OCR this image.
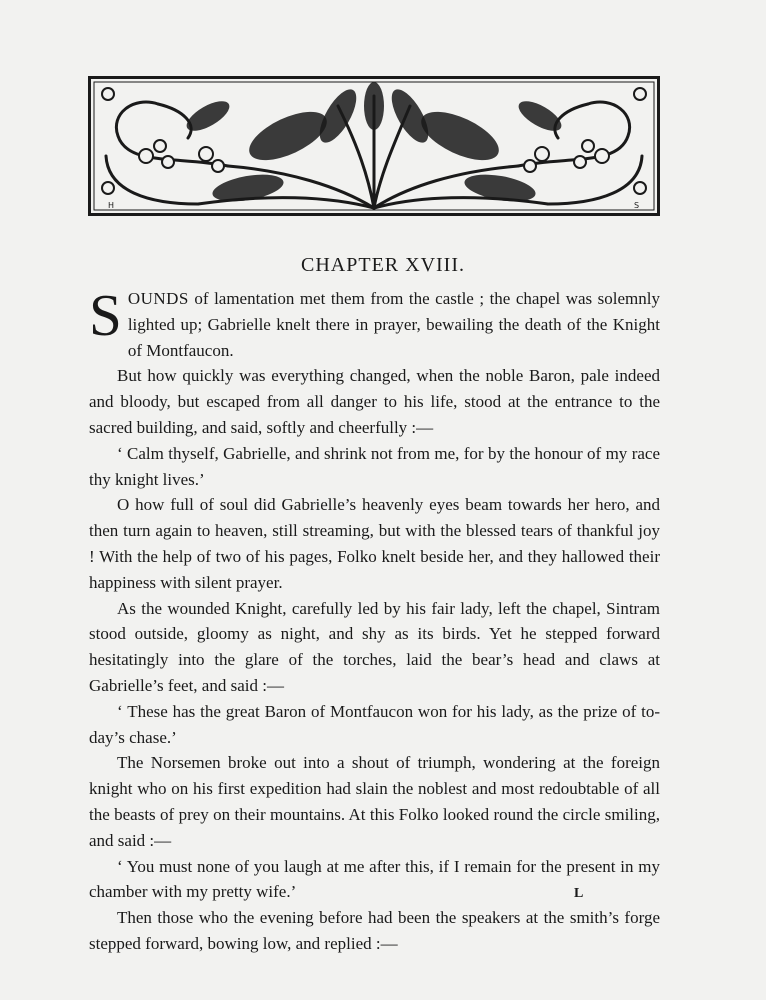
H	S
CHAPTER XVIII.

SOUNDS of lamentation met them from the castle ; the chapel was solemnly lighted up; Gabrielle knelt there in prayer, bewailing the death of the Knight of Montfaucon.

But how quickly was everything changed, when the noble Baron, pale indeed and bloody, but escaped from all danger to his life, stood at the entrance to the sacred building, and said, softly and cheerfully :—

‘ Calm thyself, Gabrielle, and shrink not from me, for by the honour of my race thy knight lives.’

O how full of soul did Gabrielle’s heavenly eyes beam towards her hero, and then turn again to heaven, still streaming, but with the blessed tears of thankful joy ! With the help of two of his pages, Folko knelt beside her, and they hallowed their happiness with silent prayer.

As the wounded Knight, carefully led by his fair lady, left the chapel, Sintram stood outside, gloomy as night, and shy as its birds. Yet he stepped forward hesitatingly into the glare of the torches, laid the bear’s head and claws at Gabrielle’s feet, and said :—

‘ These has the great Baron of Montfaucon won for his lady, as the prize of to-day’s chase.’

The Norsemen broke out into a shout of triumph, wondering at the foreign knight who on his first expedition had slain the noblest and most redoubtable of all the beasts of prey on their mountains. At this Folko looked round the circle smiling, and said :—

‘ You must none of you laugh at me after this, if I remain for the present in my chamber with my pretty wife.’

Then those who the evening before had been the speakers at the smith’s forge stepped forward, bowing low, and replied :—

L
